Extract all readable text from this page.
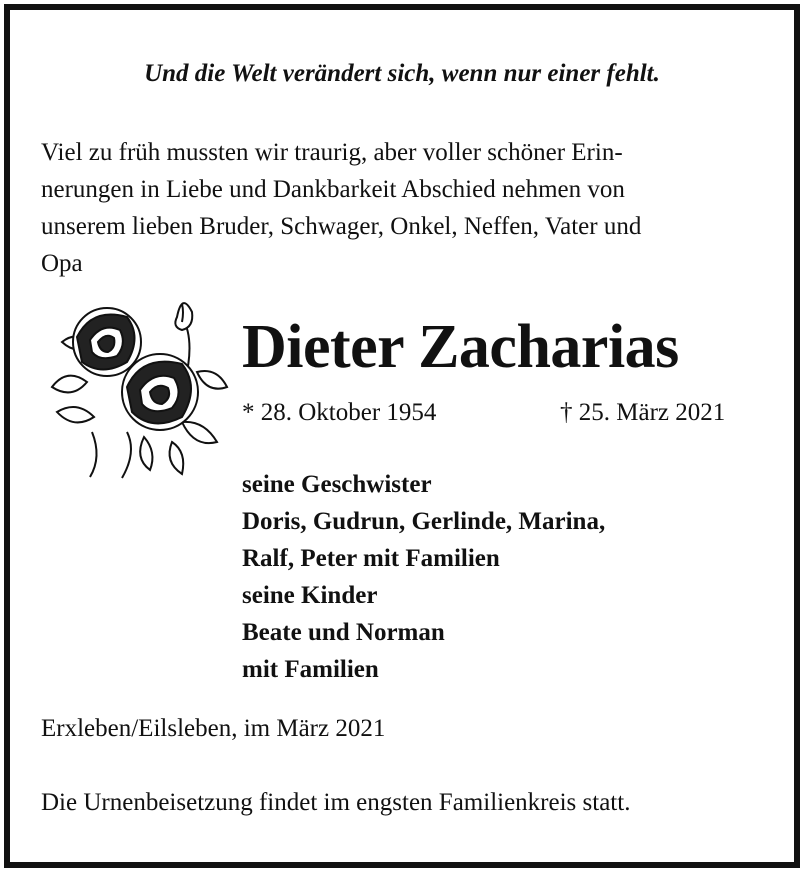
Und die Welt verändert sich, wenn nur einer fehlt.
Viel zu früh mussten wir traurig, aber voller schöner Erin-
nerungen in Liebe und Dankbarkeit Abschied nehmen von
unserem lieben Bruder, Schwager, Onkel, Neffen, Vater und
Opa
Dieter Zacharias
* 28. Oktober 1954	† 25. März 2021
seine Geschwister
Doris, Gudrun, Gerlinde, Marina,
Ralf, Peter mit Familien
seine Kinder
Beate und Norman
mit Familien
Erxleben/Eilsleben, im März 2021
Die Urnenbeisetzung findet im engsten Familienkreis statt.
